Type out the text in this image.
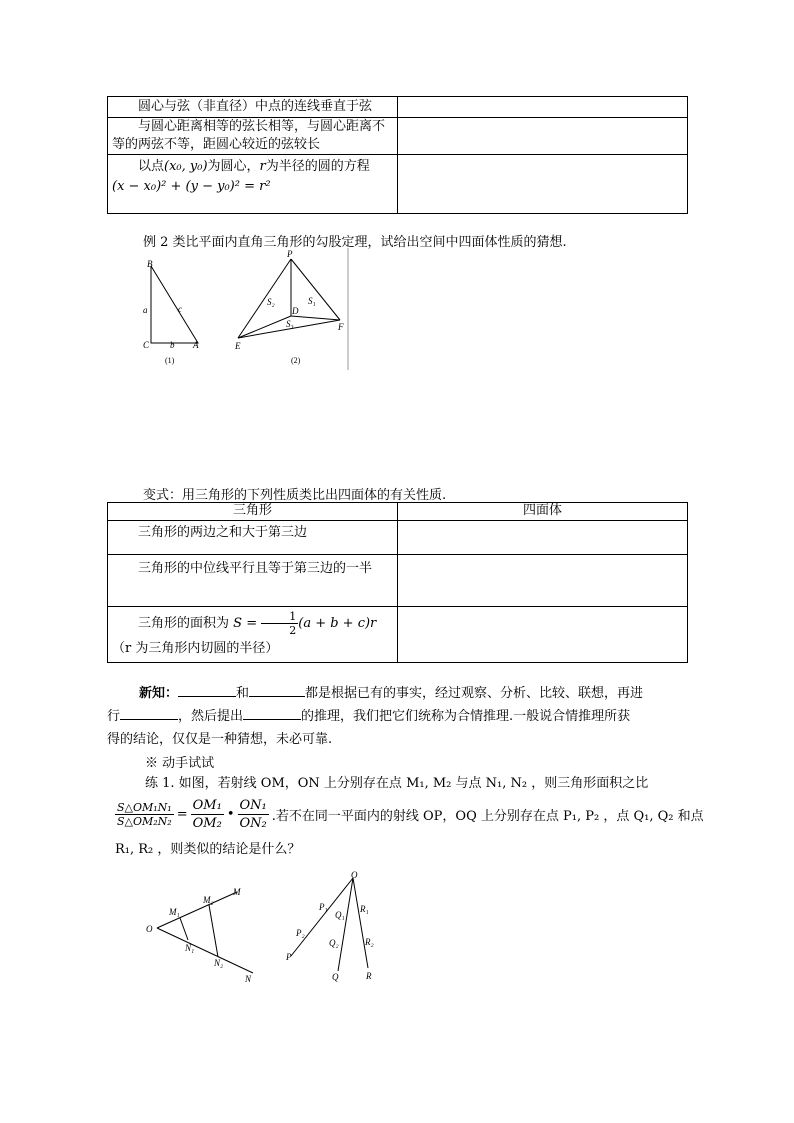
圆心与弦（非直径）中点的连线垂直于弦	
与圆心距离相等的弦长相等，与圆心距离不等的两弦不等，距圆心较近的弦较长	

以点(x₀, y₀)为圆心，r为半径的圆的方程
(x − x₀)² + (y − y₀)² = r²	

例 2 类比平面内直角三角形的勾股定理，试给出空间中四面体性质的猜想.
B
a	c
C b A
(1)
P
S₂	S₁
D
S₃	F
E
(2)
变式：用三角形的下列性质类比出四面体的有关性质.
三角形	四面体
三角形的两边之和大于第三边	
三角形的中位线平行且等于第三边的一半	

三角形的面积为 $S = \frac{1}{2} (a + b + c)r(r$ 为三角形内切圆的半径）	

新知：	和	都是根据已有的事实，经过观察、分析、比较、联想，再进
行	，然后提出	的推理，我们把它们统称为合情推理.一般说合情推理所获
得的结论，仅仅是一种猜想，未必可靠.
※ 动手试试
练 1. 如图，若射线 OM，ON 上分别存在点 M₁, M₂ 与点 N₁, N₂ ，则三角形面积之比
$\frac{\text{S△OM₁N₁}}{\text{S△OM₂N₂}} = \frac{\text{OM₁}}{\text{OM₂}}$ • $\frac{\text{ON₁}}{\text{ON₂}}$ .若不在同一平面内的射线 OP，OQ 上分别存在点 P₁, P₂ ，点 Q₁, Q₂ 和点
R₁, R₂ ，则类似的结论是什么？
O
M₁
M₂
M
N₁
N₂
N
O
P₁
P₂
P
Q₁
Q₂
Q
R₁
R₂
R
